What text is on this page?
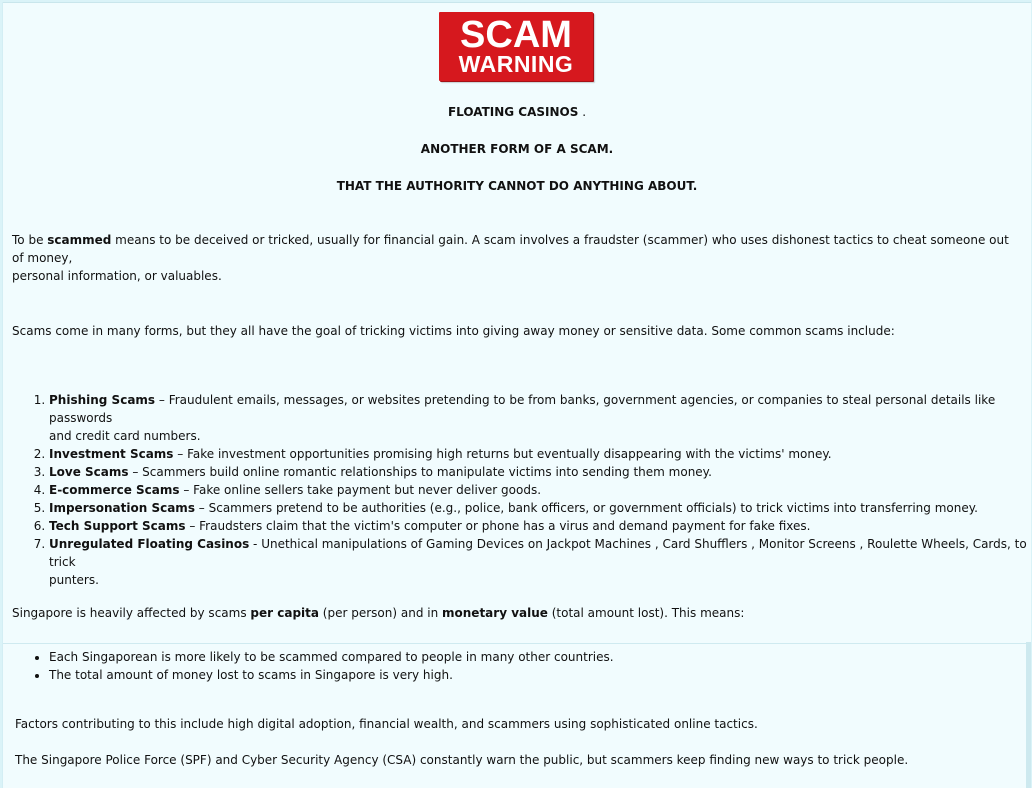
SCAM
WARNING
FLOATING CASINOS .
ANOTHER FORM OF A SCAM.
THAT THE AUTHORITY CANNOT DO ANYTHING ABOUT.
To be scammed means to be deceived or tricked, usually for financial gain. A scam involves a fraudster (scammer) who uses dishonest tactics to cheat someone out of money,
personal information, or valuables.
Scams come in many forms, but they all have the goal of tricking victims into giving away money or sensitive data. Some common scams include:
1. Phishing Scams – Fraudulent emails, messages, or websites pretending to be from banks, government agencies, or companies to steal personal details like passwords
and credit card numbers.
2. Investment Scams – Fake investment opportunities promising high returns but eventually disappearing with the victims' money.
3. Love Scams – Scammers build online romantic relationships to manipulate victims into sending them money.
4. E-commerce Scams – Fake online sellers take payment but never deliver goods.
5. Impersonation Scams – Scammers pretend to be authorities (e.g., police, bank officers, or government officials) to trick victims into transferring money.
6. Tech Support Scams – Fraudsters claim that the victim's computer or phone has a virus and demand payment for fake fixes.
7. Unregulated Floating Casinos - Unethical manipulations of Gaming Devices on Jackpot Machines , Card Shufflers , Monitor Screens , Roulette Wheels, Cards, to trick
punters.
Singapore is heavily affected by scams per capita (per person) and in monetary value (total amount lost). This means:
• Each Singaporean is more likely to be scammed compared to people in many other countries.
• The total amount of money lost to scams in Singapore is very high.
Factors contributing to this include high digital adoption, financial wealth, and scammers using sophisticated online tactics.
The Singapore Police Force (SPF) and Cyber Security Agency (CSA) constantly warn the public, but scammers keep finding new ways to trick people.
